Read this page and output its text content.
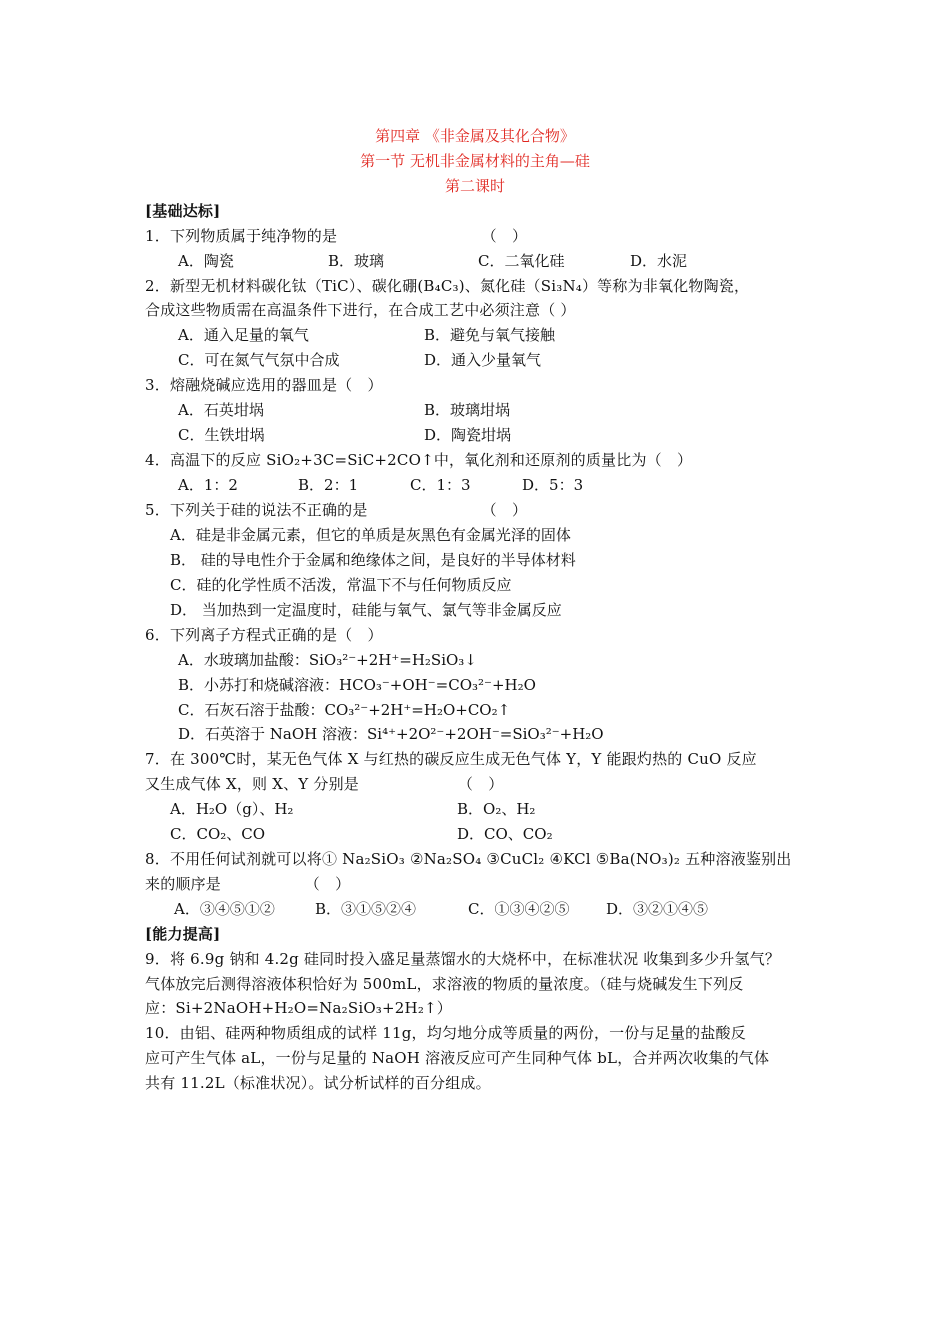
第四章 《非金属及其化合物》
第一节 无机非金属材料的主角—硅
第二课时
[基础达标]
1．下列物质属于纯净物的是　　　　　　　　　　（　）
A．陶瓷	B．玻璃	C．二氧化硅	D．水泥
2．新型无机材料碳化钛（TiC）、碳化硼(B₄C₃)、氮化硅（Si₃N₄）等称为非氧化物陶瓷，
合成这些物质需在高温条件下进行，在合成工艺中必须注意（ ）
A．通入足量的氧气	B．避免与氧气接触
C．可在氮气气氛中合成	D．通入少量氧气
3．熔融烧碱应选用的器皿是（　）
A．石英坩埚	B．玻璃坩埚
C．生铁坩埚	D．陶瓷坩埚
4．高温下的反应 SiO₂+3C=SiC+2CO↑中，氧化剂和还原剂的质量比为（　）
A．1：2	B．2：1	C．1：3	D．5：3
5．下列关于硅的说法不正确的是　　　　　　　　（　）
A．硅是非金属元素，但它的单质是灰黑色有金属光泽的固体
B． 硅的导电性介于金属和绝缘体之间，是良好的半导体材料
C．硅的化学性质不活泼，常温下不与任何物质反应
D． 当加热到一定温度时，硅能与氧气、氯气等非金属反应
6．下列离子方程式正确的是（　）
A．水玻璃加盐酸：SiO₃²⁻+2H⁺=H₂SiO₃↓
B．小苏打和烧碱溶液：HCO₃⁻+OH⁻=CO₃²⁻+H₂O
C．石灰石溶于盐酸：CO₃²⁻+2H⁺=H₂O+CO₂↑
D．石英溶于 NaOH 溶液：Si⁴⁺+2O²⁻+2OH⁻=SiO₃²⁻+H₂O
7．在 300℃时，某无色气体 X 与红热的碳反应生成无色气体 Y，Y 能跟灼热的 CuO 反应
又生成气体 X，则 X、Y 分别是　　　　　　　（　）
A．H₂O（g）、H₂	B．O₂、H₂
C．CO₂、CO	D．CO、CO₂
8．不用任何试剂就可以将① Na₂SiO₃ ②Na₂SO₄ ③CuCl₂ ④KCl ⑤Ba(NO₃)₂ 五种溶液鉴别出
来的顺序是　　　　　　（　）
A．③④⑤①②	B．③①⑤②④	C．①③④②⑤ D．③②①④⑤
[能力提高]
9．将 6.9g 钠和 4.2g 硅同时投入盛足量蒸馏水的大烧杯中，在标准状况 收集到多少升氢气？
气体放完后测得溶液体积恰好为 500mL，求溶液的物质的量浓度。（硅与烧碱发生下列反
应：Si+2NaOH+H₂O=Na₂SiO₃+2H₂↑）
10．由铝、硅两种物质组成的试样 11g，均匀地分成等质量的两份，一份与足量的盐酸反
应可产生气体 aL，一份与足量的 NaOH 溶液反应可产生同种气体 bL，合并两次收集的气体
共有 11.2L（标准状况）。试分析试样的百分组成。
